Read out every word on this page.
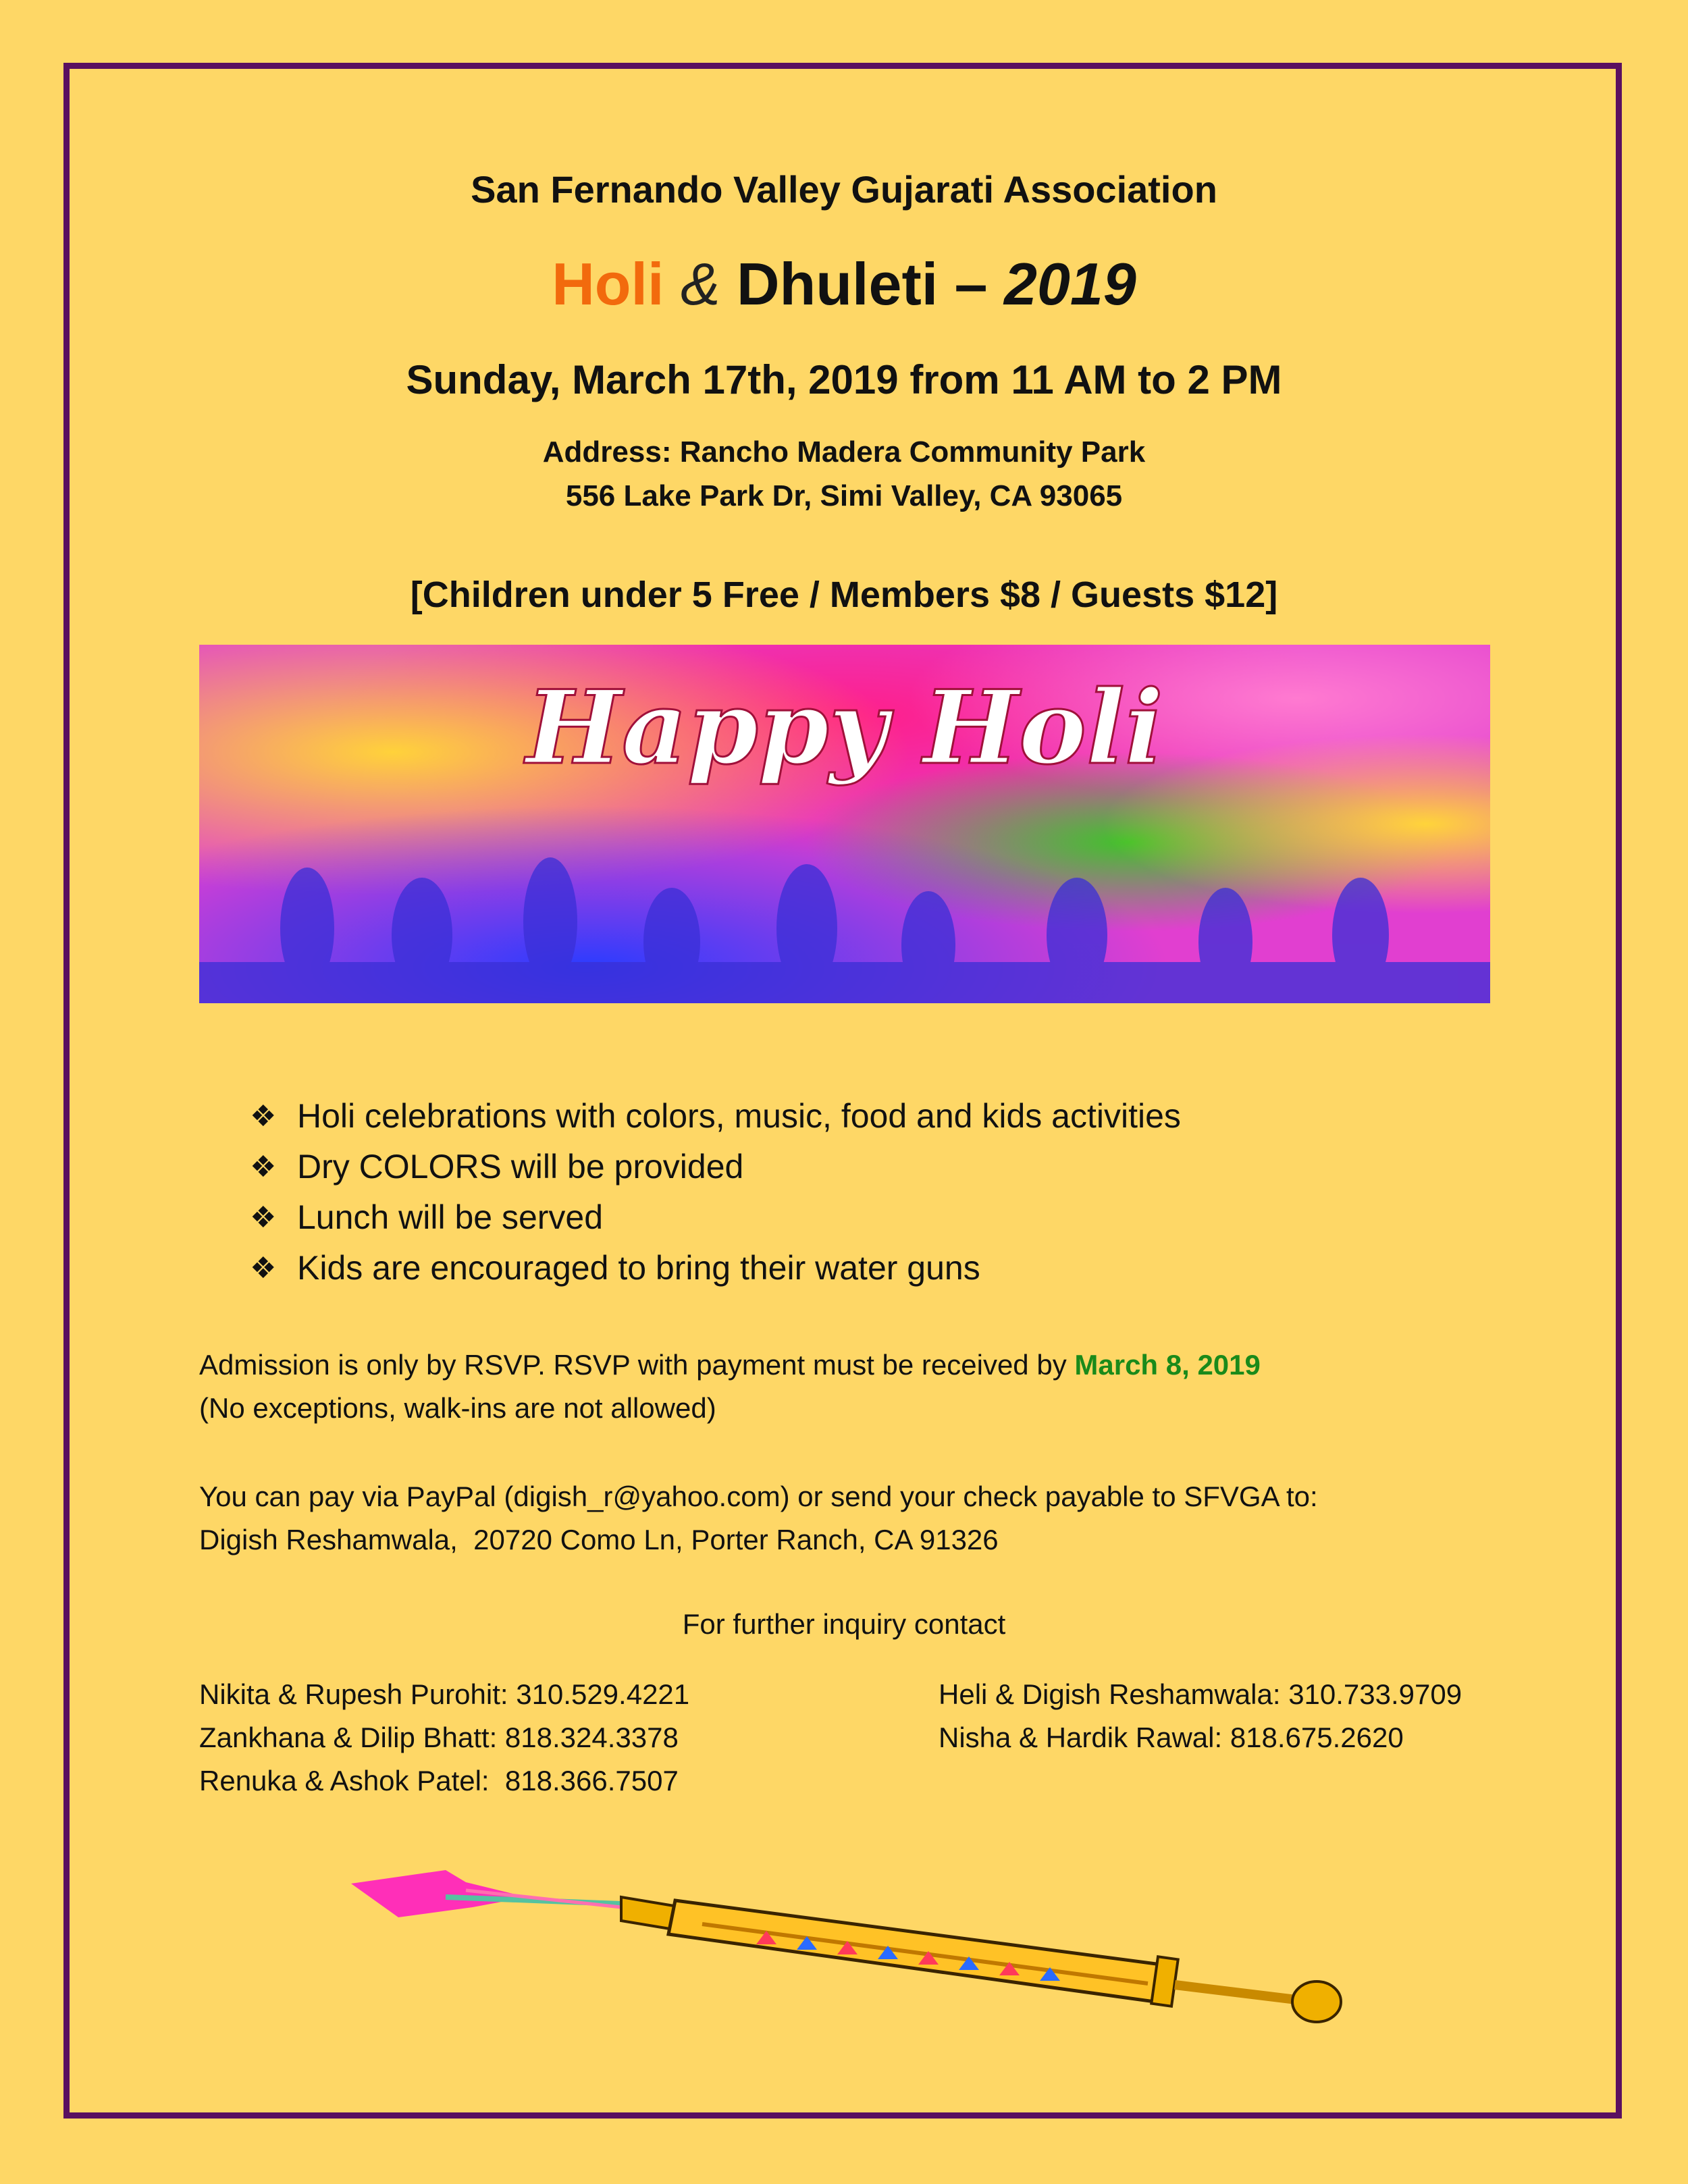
San Fernando Valley Gujarati Association
Holi & Dhuleti – 2019
Sunday, March 17th, 2019 from 11 AM to 2 PM
Address: Rancho Madera Community Park
556 Lake Park Dr, Simi Valley, CA 93065
[Children under 5 Free / Members $8 / Guests $12]
Happy Holi
❖ Holi celebrations with colors, music, food and kids activities
❖ Dry COLORS will be provided
❖ Lunch will be served
❖ Kids are encouraged to bring their water guns
Admission is only by RSVP. RSVP with payment must be received by March 8, 2019
(No exceptions, walk-ins are not allowed)
You can pay via PayPal (digish_r@yahoo.com) or send your check payable to SFVGA to:
Digish Reshamwala,  20720 Como Ln, Porter Ranch, CA 91326
For further inquiry contact
Nikita & Rupesh Purohit: 310.529.4221
Zankhana & Dilip Bhatt: 818.324.3378
Renuka & Ashok Patel:  818.366.7507
Heli & Digish Reshamwala: 310.733.9709
Nisha & Hardik Rawal: 818.675.2620
